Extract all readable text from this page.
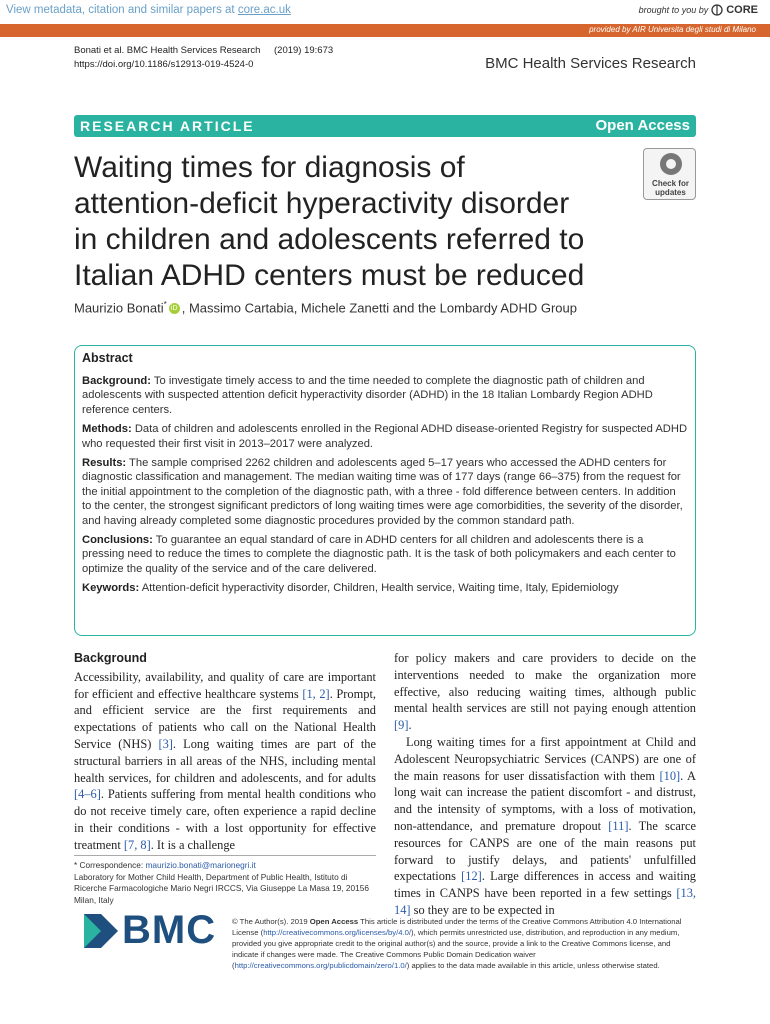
View metadata, citation and similar papers at core.ac.uk	brought to you by CORE
provided by AIR Universita degli studi di Milano
Bonati et al. BMC Health Services Research (2019) 19:673
https://doi.org/10.1186/s12913-019-4524-0	BMC Health Services Research
RESEARCH ARTICLE	Open Access
Waiting times for diagnosis of attention-deficit hyperactivity disorder in children and adolescents referred to Italian ADHD centers must be reduced
Check for updates
Maurizio Bonati* iD , Massimo Cartabia, Michele Zanetti and the Lombardy ADHD Group
Abstract

Background: To investigate timely access to and the time needed to complete the diagnostic path of children and adolescents with suspected attention deficit hyperactivity disorder (ADHD) in the 18 Italian Lombardy Region ADHD reference centers.

Methods: Data of children and adolescents enrolled in the Regional ADHD disease-oriented Registry for suspected ADHD who requested their first visit in 2013–2017 were analyzed.

Results: The sample comprised 2262 children and adolescents aged 5–17 years who accessed the ADHD centers for diagnostic classification and management. The median waiting time was of 177 days (range 66–375) from the request for the initial appointment to the completion of the diagnostic path, with a three - fold difference between centers. In addition to the center, the strongest significant predictors of long waiting times were age comorbidities, the severity of the disorder, and having already completed some diagnostic procedures provided by the common standard path.

Conclusions: To guarantee an equal standard of care in ADHD centers for all children and adolescents there is a pressing need to reduce the times to complete the diagnostic path. It is the task of both policymakers and each center to optimize the quality of the service and of the care delivered.

Keywords: Attention-deficit hyperactivity disorder, Children, Health service, Waiting time, Italy, Epidemiology

Background

Accessibility, availability, and quality of care are important for efficient and effective healthcare systems [1, 2]. Prompt, and efficient service are the first requirements and expectations of patients who call on the National Health Service (NHS) [3]. Long waiting times are part of the structural barriers in all areas of the NHS, including mental health services, for children and adolescents, and for adults [4–6]. Patients suffering from mental health conditions who do not receive timely care, often experience a rapid decline in their conditions - with a lost opportunity for effective treatment [7, 8]. It is a challenge

for policy makers and care providers to decide on the interventions needed to make the organization more effective, also reducing waiting times, although public mental health services are still not paying enough attention [9].

Long waiting times for a first appointment at Child and Adolescent Neuropsychiatric Services (CANPS) are one of the main reasons for user dissatisfaction with them [10]. A long wait can increase the patient discomfort - and distrust, and the intensity of symptoms, with a loss of motivation, non-attendance, and premature dropout [11]. The scarce resources for CANPS are one of the main reasons put forward to justify delays, and patients' unfulfilled expectations [12]. Large differences in access and waiting times in CANPS have been reported in a few settings [13, 14] so they are to be expected in

* Correspondence: maurizio.bonati@marionegri.it
Laboratory for Mother Child Health, Department of Public Health, Istituto di Ricerche Farmacologiche Mario Negri IRCCS, Via Giuseppe La Masa 19, 20156 Milan, Italy
BMC © The Author(s). 2019 Open Access This article is distributed under the terms of the Creative Commons Attribution 4.0 International License (http://creativecommons.org/licenses/by/4.0/), which permits unrestricted use, distribution, and reproduction in any medium, provided you give appropriate credit to the original author(s) and the source, provide a link to the Creative Commons license, and indicate if changes were made. The Creative Commons Public Domain Dedication waiver (http://creativecommons.org/publicdomain/zero/1.0/) applies to the data made available in this article, unless otherwise stated.
